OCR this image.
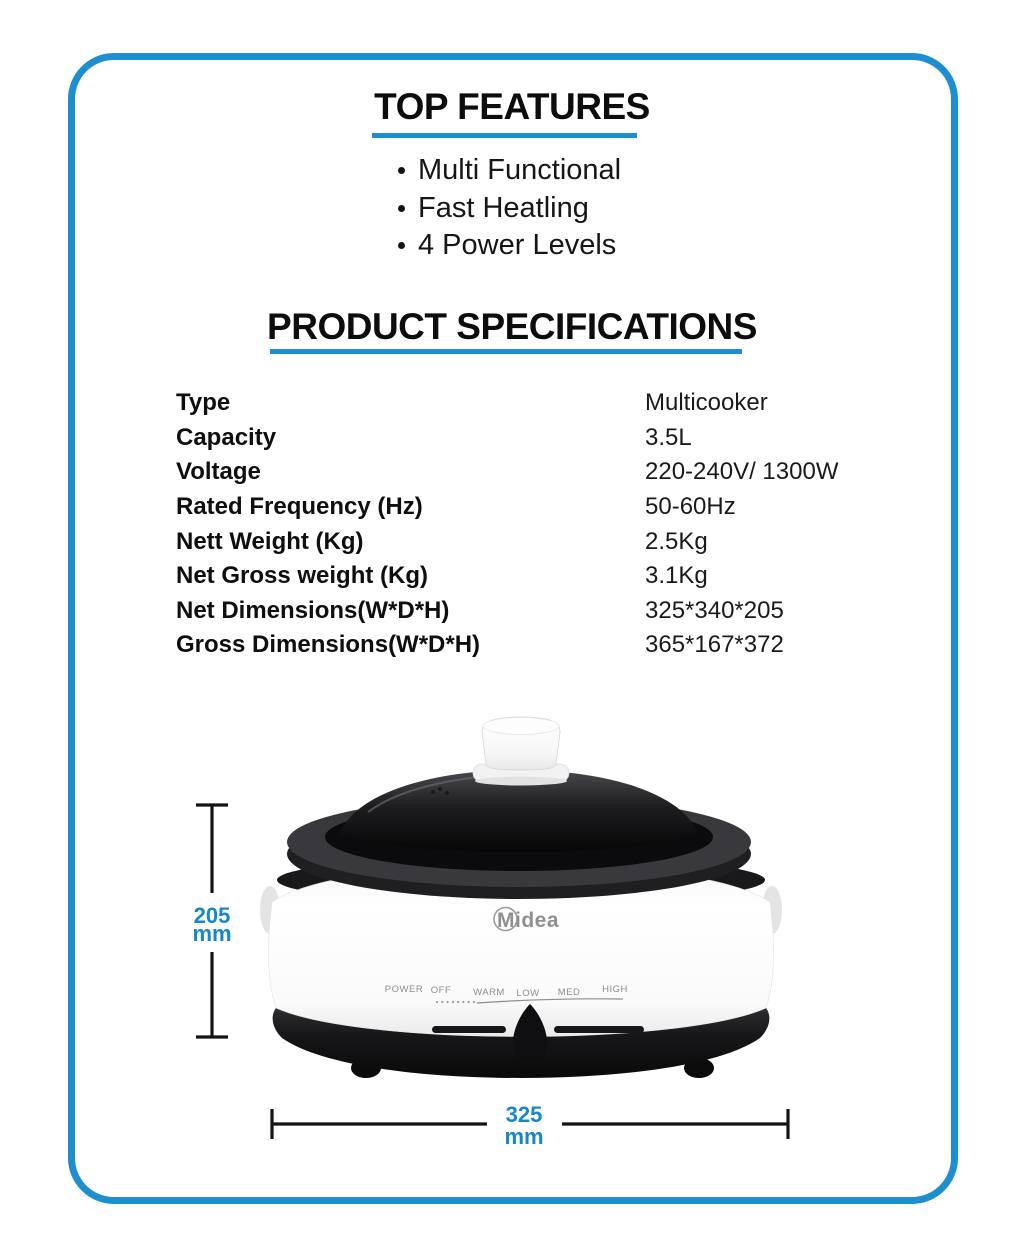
TOP FEATURES
Multi Functional
Fast Heatling
4 Power Levels
PRODUCT SPECIFICATIONS
Type	Multicooker
Capacity	3.5L
Voltage	220-240V/ 1300W
Rated Frequency (Hz)	50-60Hz
Nett Weight (Kg)	2.5Kg
Net Gross weight (Kg)	3.1Kg
Net Dimensions(W*D*H)	325*340*205
Gross Dimensions(W*D*H)	365*167*372
205
mm
325
mm
POWER OFF WARM LOW MED HIGH
Midea
